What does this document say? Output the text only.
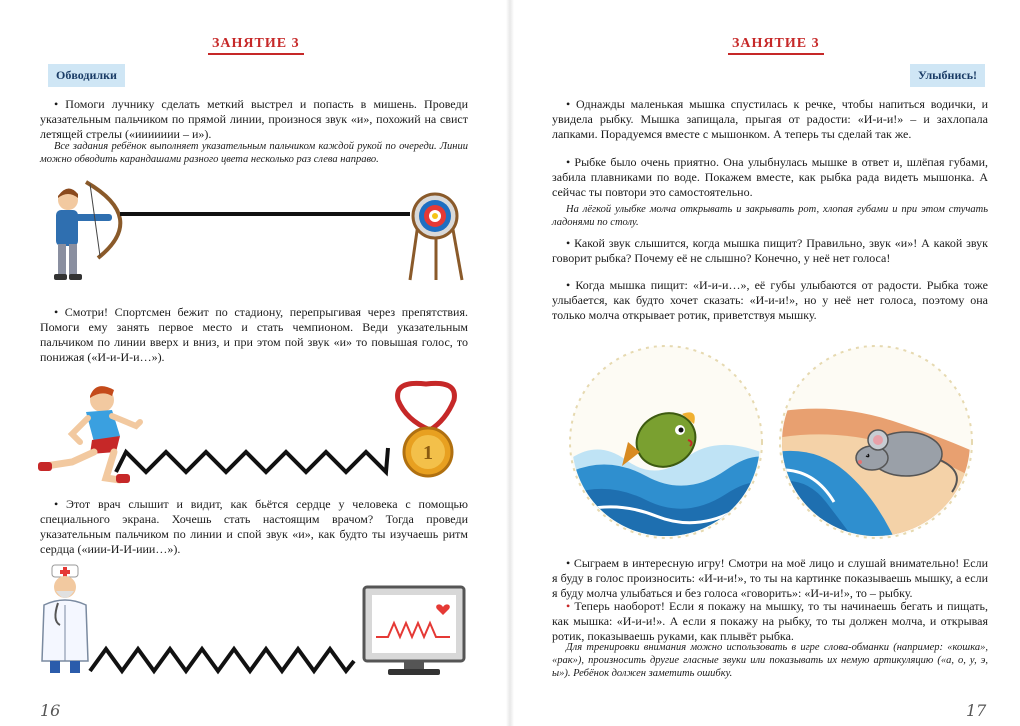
ЗАНЯТИЕ 3
Обводилки
• Помоги лучнику сделать меткий выстрел и попасть в мишень. Проведи указательным пальчиком по прямой линии, произнося звук «и», похожий на свист летящей стрелы («иииииии – и»).
Все задания ребёнок выполняет указательным пальчиком каждой рукой по очереди. Линии можно обводить карандашами разного цвета несколько раз слева направо.
• Смотри! Спортсмен бежит по стадиону, перепрыгивая через препятствия. Помоги ему занять первое место и стать чемпионом. Веди указательным пальчиком по линии вверх и вниз, и при этом пой звук «и» то повышая голос, то понижая («И-и-И-и…»).
1
• Этот врач слышит и видит, как бьётся сердце у человека с помощью специального экрана. Хочешь стать настоящим врачом? Тогда проведи указательным пальчиком по линии и спой звук «и», как будто ты изучаешь ритм сердца («иии-И-И-иии…»).
16
ЗАНЯТИЕ 3
Улыбнись!
• Однажды маленькая мышка спустилась к речке, чтобы напиться водички, и увидела рыбку. Мышка запищала, прыгая от радости: «И-и-и!» – и захлопала лапками. Порадуемся вместе с мышонком. А теперь ты сделай так же.
• Рыбке было очень приятно. Она улыбнулась мышке в ответ и, шлёпая губами, забила плавниками по воде. Покажем вместе, как рыбка рада видеть мышонка. А сейчас ты повтори это самостоятельно.
На лёгкой улыбке молча открывать и закрывать рот, хлопая губами и при этом стучать ладонями по столу.
• Какой звук слышится, когда мышка пищит? Правильно, звук «и»! А какой звук говорит рыбка? Почему её не слышно? Конечно, у неё нет голоса!
• Когда мышка пищит: «И-и-и…», её губы улыбаются от радости. Рыбка тоже улыбается, как будто хочет сказать: «И-и-и!», но у неё нет голоса, поэтому она только молча открывает ротик, приветствуя мышку.
• Сыграем в интересную игру! Смотри на моё лицо и слушай внимательно! Если я буду в голос произносить: «И-и-и!», то ты на картинке показываешь мышку, а если я буду молча улыбаться и без голоса «говорить»: «И-и-и!», то – рыбку.
• Теперь наоборот! Если я покажу на мышку, то ты начинаешь бегать и пищать, как мышка: «И-и-и!». А если я покажу на рыбку, то ты должен молча, и открывая ротик, показываешь руками, как плывёт рыбка.
Для тренировки внимания можно использовать в игре слова-обманки (например: «кошка», «рак»), произносить другие гласные звуки или показывать их немую артикуляцию («а, о, у, э, ы»). Ребёнок должен заметить ошибку.
17
